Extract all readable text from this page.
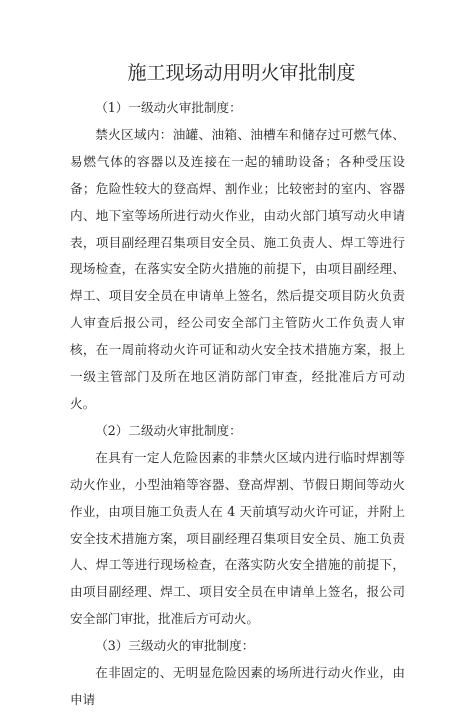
施工现场动用明火审批制度

（1）一级动火审批制度：

禁火区域内：油罐、油箱、油槽车和储存过可燃气体、易燃气体的容器以及连接在一起的辅助设备；各种受压设备；危险性较大的登高焊、割作业；比较密封的室内、容器内、地下室等场所进行动火作业，由动火部门填写动火申请表，项目副经理召集项目安全员、施工负责人、焊工等进行现场检查，在落实安全防火措施的前提下，由项目副经理、焊工、项目安全员在申请单上签名，然后提交项目防火负责人审查后报公司，经公司安全部门主管防火工作负责人审核，在一周前将动火许可证和动火安全技术措施方案，报上一级主管部门及所在地区消防部门审查，经批准后方可动火。

（2）二级动火审批制度：

在具有一定人危险因素的非禁火区域内进行临时焊割等动火作业，小型油箱等容器、登高焊割、节假日期间等动火作业，由项目施工负责人在 4 天前填写动火许可证，并附上安全技术措施方案，项目副经理召集项目安全员、施工负责人、焊工等进行现场检查，在落实防火安全措施的前提下，由项目副经理、焊工、项目安全员在申请单上签名，报公司安全部门审批，批准后方可动火。

（3）三级动火的审批制度：

在非固定的、无明显危险因素的场所进行动火作业，由申请
